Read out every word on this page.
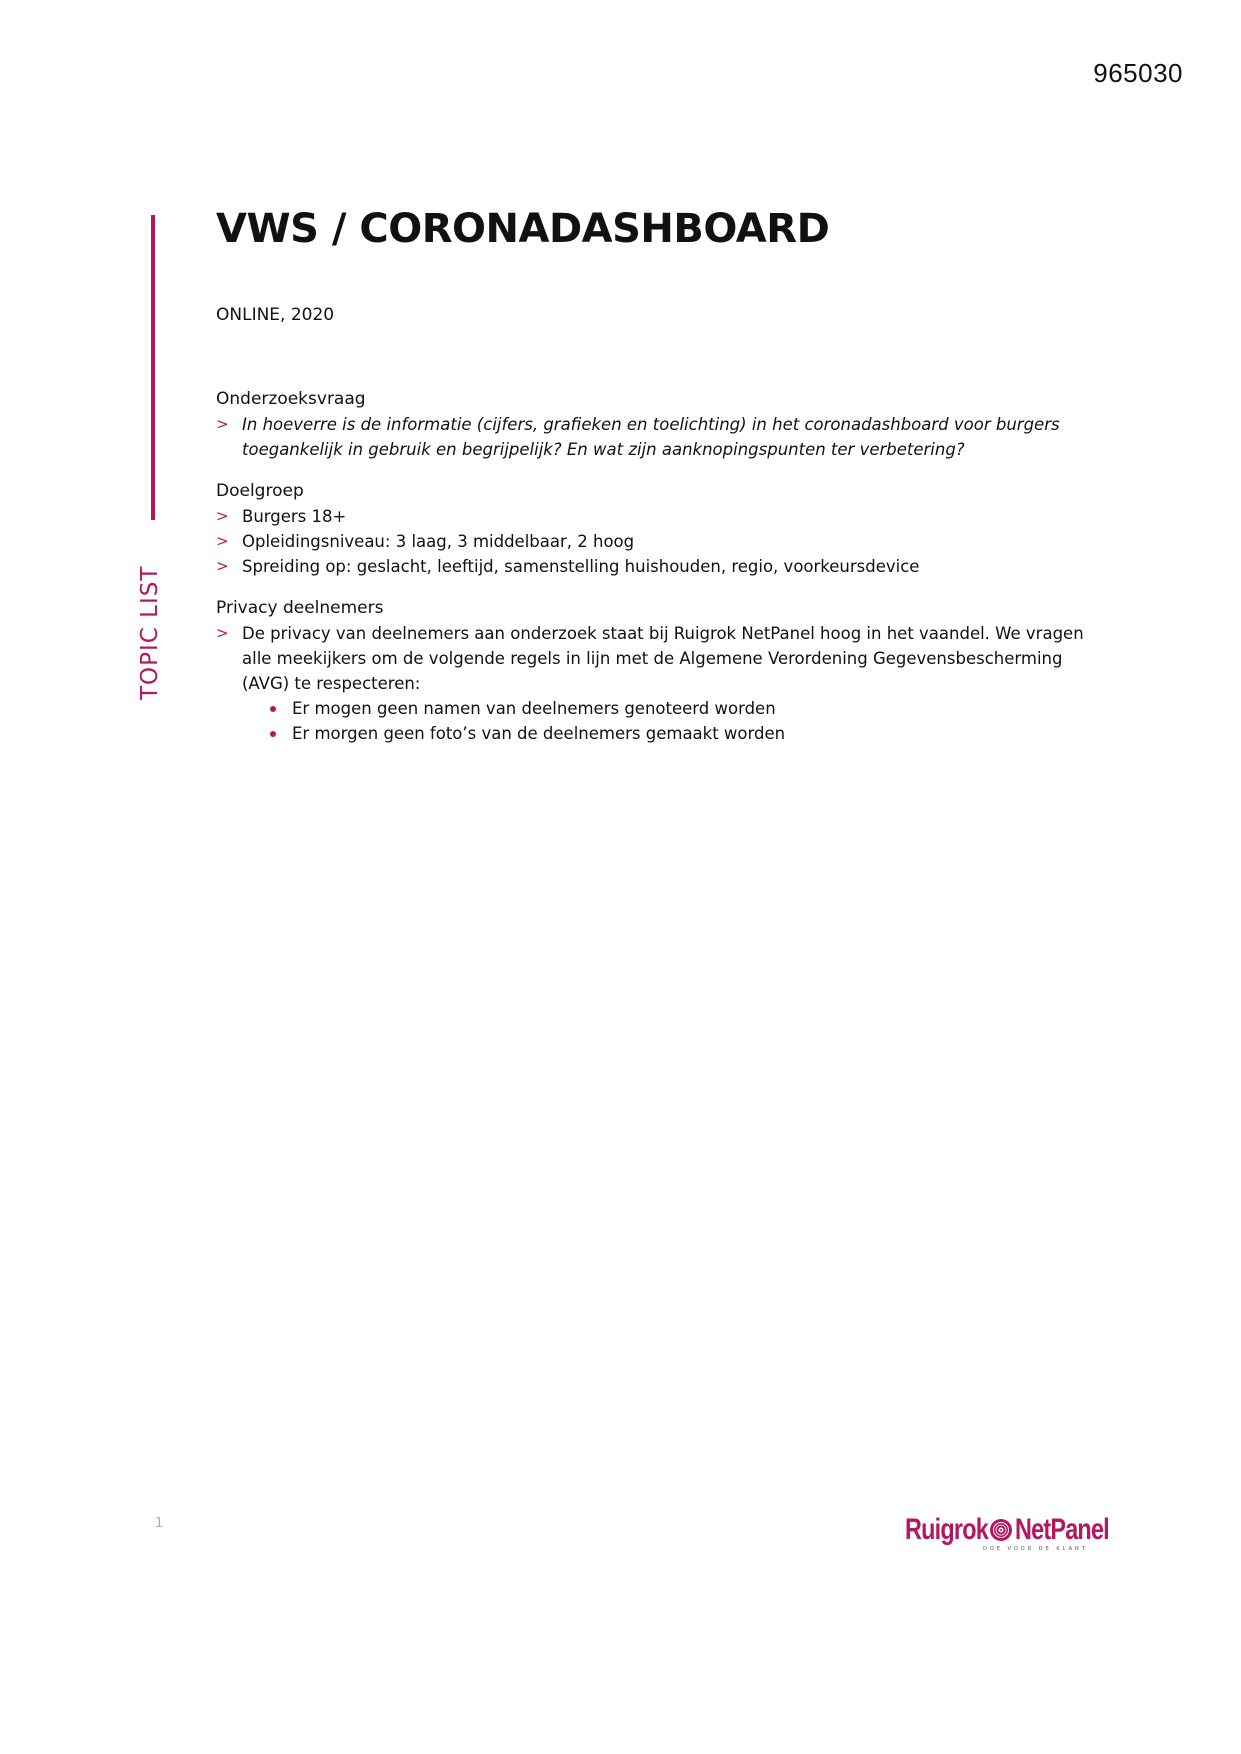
965030
TOPIC LIST
VWS / CORONADASHBOARD
ONLINE, 2020
Onderzoeksvraag
> In hoeverre is de informatie (cijfers, grafieken en toelichting) in het coronadashboard voor burgers toegankelijk in gebruik en begrijpelijk? En wat zijn aanknopingspunten ter verbetering?
Doelgroep
> Burgers 18+
> Opleidingsniveau: 3 laag, 3 middelbaar, 2 hoog
> Spreiding op: geslacht, leeftijd, samenstelling huishouden, regio, voorkeursdevice
Privacy deelnemers
> De privacy van deelnemers aan onderzoek staat bij Ruigrok NetPanel hoog in het vaandel. We vragen alle meekijkers om de volgende regels in lijn met de Algemene Verordening Gegevensbescherming (AVG) te respecteren:
Er mogen geen namen van deelnemers genoteerd worden
Er morgen geen foto’s van de deelnemers gemaakt worden
1	Ruigrok NetPanel
DOE VOOR DE KLANT
